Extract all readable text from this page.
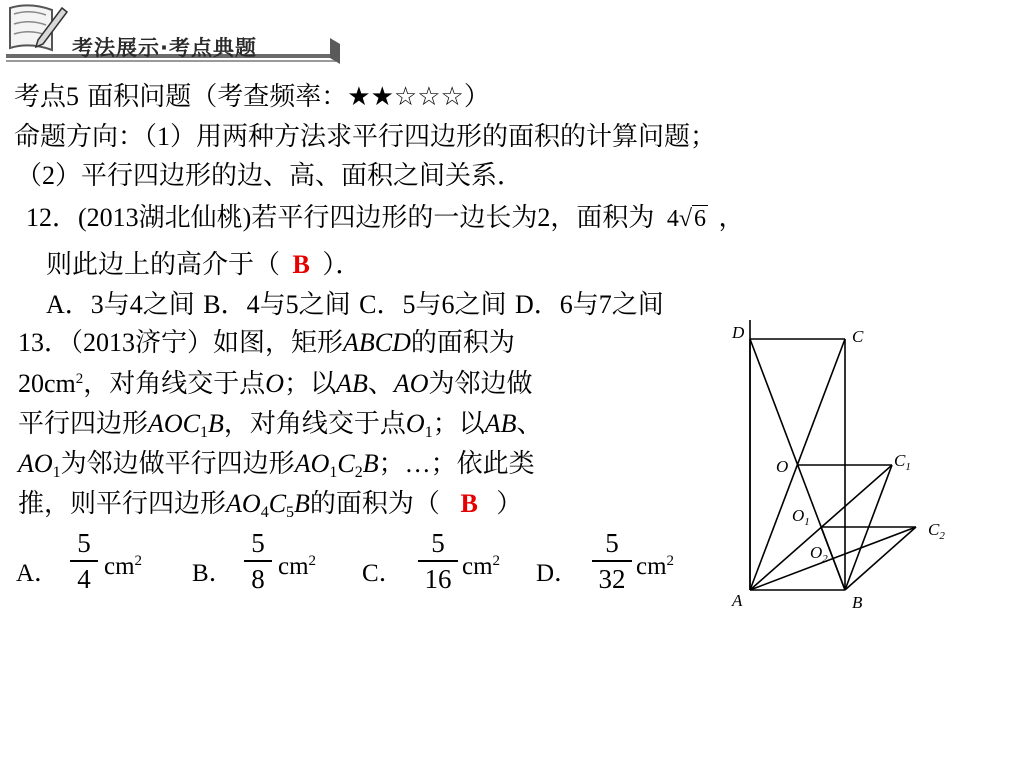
考法展示·考点典题
考点5 面积问题（考查频率：★★☆☆☆）
命题方向：（1）用两种方法求平行四边形的面积的计算问题；
（2）平行四边形的边、高、面积之间关系．
12．(2013湖北仙桃)若平行四边形的一边长为2，面积为 4√6 ，
则此边上的高介于（ B ）．
A．3与4之间 B．4与5之间 C．5与6之间 D．6与7之间
13．（2013济宁）如图，矩形ABCD的面积为
$20cm^2$，对角线交于点O；以AB、AO为邻边做
平行四边形$AOC_1B$，对角线交于点$O_1$；以AB、
$AO_1$为邻边做平行四边形$AO_1C_2B$；…；依此类
推，则平行四边形$AO_4C_5B$的面积为（ B ）
A．
5
4 $cm^2$ B．
5
8 $cm^2$ C．
5
16 $cm^2$ D．
5
32 $cm^2$
D	C
O	$C_1$
$O_1$	$C_2$
$O_2$
A	B
